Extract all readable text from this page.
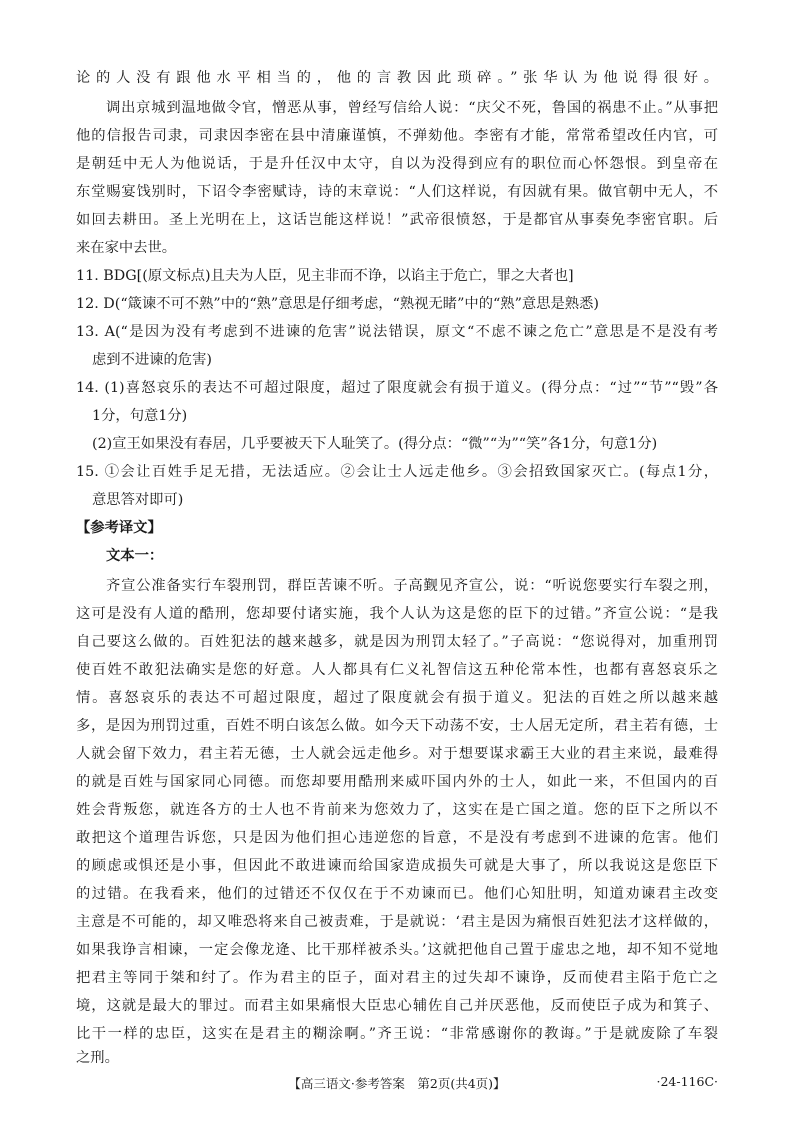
论的人没有跟他水平相当的，他的言教因此琐碎。”张华认为他说得很好。
调出京城到温地做令官，憎恶从事，曾经写信给人说：“庆父不死，鲁国的祸患不止。”从事把
他的信报告司隶，司隶因李密在县中清廉谨慎，不弹劾他。李密有才能，常常希望改任内官，可
是朝廷中无人为他说话，于是升任汉中太守，自以为没得到应有的职位而心怀怨恨。到皇帝在
东堂赐宴饯别时，下诏令李密赋诗，诗的末章说：“人们这样说，有因就有果。做官朝中无人，不
如回去耕田。圣上光明在上，这话岂能这样说！”武帝很愤怒，于是都官从事奏免李密官职。后
来在家中去世。
11. BDG[(原文标点)且夫为人臣，见主非而不诤，以谄主于危亡，罪之大者也]
12. D(“箴谏不可不熟”中的“熟”意思是仔细考虑，“熟视无睹”中的“熟”意思是熟悉)
13. A(“是因为没有考虑到不进谏的危害”说法错误，原文“不虑不谏之危亡”意思是不是没有考
虑到不进谏的危害)
14. (1)喜怒哀乐的表达不可超过限度，超过了限度就会有损于道义。(得分点：“过”“节”“毁”各
1分，句意1分)
(2)宣王如果没有春居，几乎要被天下人耻笑了。(得分点：“微”“为”“笑”各1分，句意1分)
15. ①会让百姓手足无措，无法适应。②会让士人远走他乡。③会招致国家灭亡。(每点1分，
意思答对即可)
【参考译文】
文本一：
齐宣公准备实行车裂刑罚，群臣苦谏不听。子高觐见齐宣公，说：“听说您要实行车裂之刑，
这可是没有人道的酷刑，您却要付诸实施，我个人认为这是您的臣下的过错。”齐宣公说：“是我
自己要这么做的。百姓犯法的越来越多，就是因为刑罚太轻了。”子高说：“您说得对，加重刑罚
使百姓不敢犯法确实是您的好意。人人都具有仁义礼智信这五种伦常本性，也都有喜怒哀乐之
情。喜怒哀乐的表达不可超过限度，超过了限度就会有损于道义。犯法的百姓之所以越来越
多，是因为刑罚过重，百姓不明白该怎么做。如今天下动荡不安，士人居无定所，君主若有德，士
人就会留下效力，君主若无德，士人就会远走他乡。对于想要谋求霸王大业的君主来说，最难得
的就是百姓与国家同心同德。而您却要用酷刑来威吓国内外的士人，如此一来，不但国内的百
姓会背叛您，就连各方的士人也不肯前来为您效力了，这实在是亡国之道。您的臣下之所以不
敢把这个道理告诉您，只是因为他们担心违逆您的旨意，不是没有考虑到不进谏的危害。他们
的顾虑或惧还是小事，但因此不敢进谏而给国家造成损失可就是大事了，所以我说这是您臣下
的过错。在我看来，他们的过错还不仅仅在于不劝谏而已。他们心知肚明，知道劝谏君主改变
主意是不可能的，却又唯恐将来自己被责难，于是就说：‘君主是因为痛恨百姓犯法才这样做的，
如果我诤言相谏，一定会像龙逄、比干那样被杀头。’这就把他自己置于虚忠之地，却不知不觉地
把君主等同于桀和纣了。作为君主的臣子，面对君主的过失却不谏诤，反而使君主陷于危亡之
境，这就是最大的罪过。而君主如果痛恨大臣忠心辅佐自己并厌恶他，反而使臣子成为和箕子、
比干一样的忠臣，这实在是君主的糊涂啊。”齐王说：“非常感谢你的教诲。”于是就废除了车裂
之刑。
【高三语文·参考答案　第2页(共4页)】	·24-116C·
